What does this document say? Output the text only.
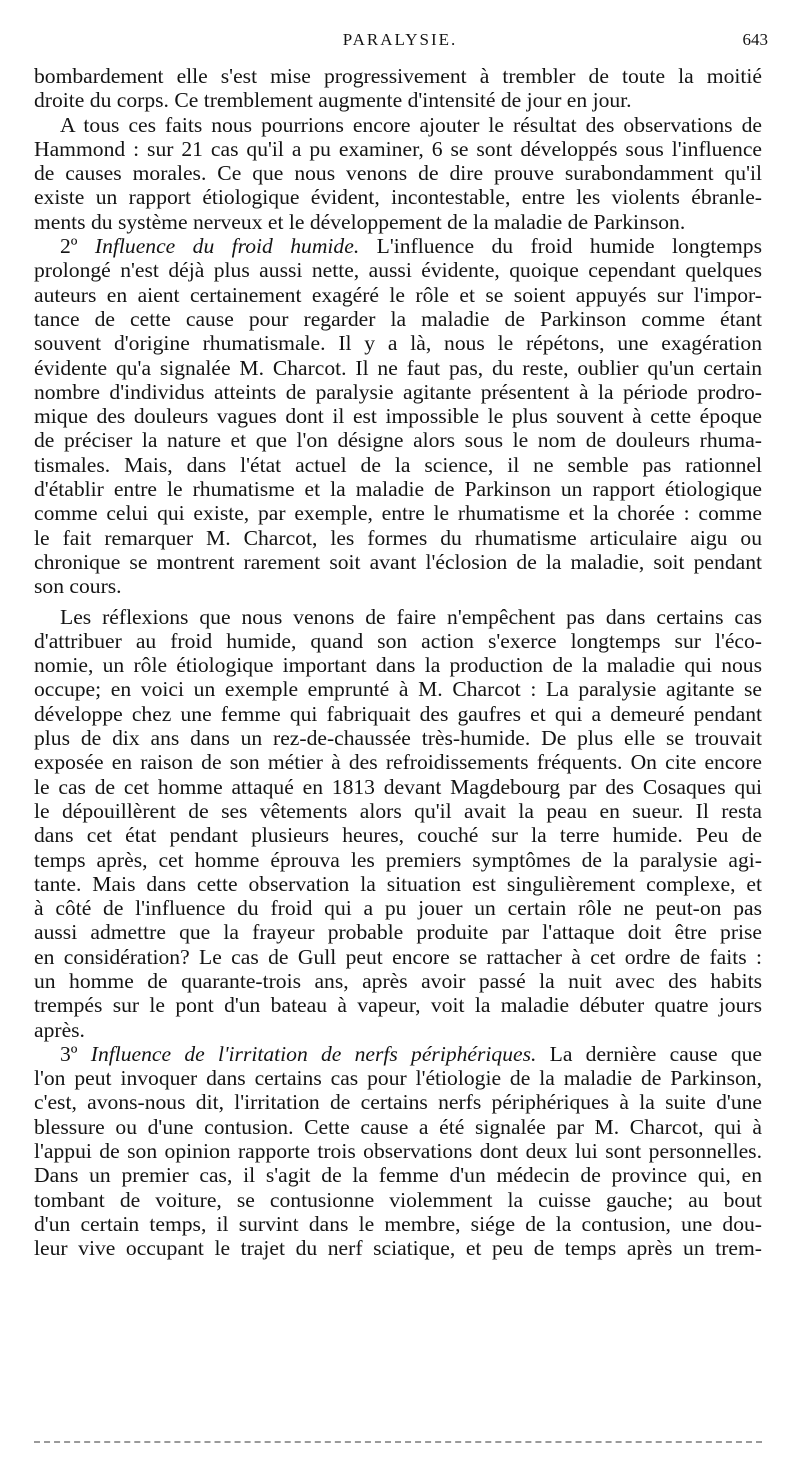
PARALYSIE.	643
bombardement elle s'est mise progressivement à trembler de toute la moitié
droite du corps. Ce tremblement augmente d'intensité de jour en jour.
A tous ces faits nous pourrions encore ajouter le résultat des observations de
Hammond : sur 21 cas qu'il a pu examiner, 6 se sont développés sous l'influence
de causes morales. Ce que nous venons de dire prouve surabondamment qu'il
existe un rapport étiologique évident, incontestable, entre les violents ébranle-
ments du système nerveux et le développement de la maladie de Parkinson.
2º Influence du froid humide. L'influence du froid humide longtemps
prolongé n'est déjà plus aussi nette, aussi évidente, quoique cependant quelques
auteurs en aient certainement exagéré le rôle et se soient appuyés sur l'impor-
tance de cette cause pour regarder la maladie de Parkinson comme étant
souvent d'origine rhumatismale. Il y a là, nous le répétons, une exagération
évidente qu'a signalée M. Charcot. Il ne faut pas, du reste, oublier qu'un certain
nombre d'individus atteints de paralysie agitante présentent à la période prodro-
mique des douleurs vagues dont il est impossible le plus souvent à cette époque
de préciser la nature et que l'on désigne alors sous le nom de douleurs rhuma-
tismales. Mais, dans l'état actuel de la science, il ne semble pas rationnel
d'établir entre le rhumatisme et la maladie de Parkinson un rapport étiologique
comme celui qui existe, par exemple, entre le rhumatisme et la chorée : comme
le fait remarquer M. Charcot, les formes du rhumatisme articulaire aigu ou
chronique se montrent rarement soit avant l'éclosion de la maladie, soit pendant
son cours.
Les réflexions que nous venons de faire n'empêchent pas dans certains cas
d'attribuer au froid humide, quand son action s'exerce longtemps sur l'éco-
nomie, un rôle étiologique important dans la production de la maladie qui nous
occupe; en voici un exemple emprunté à M. Charcot : La paralysie agitante se
développe chez une femme qui fabriquait des gaufres et qui a demeuré pendant
plus de dix ans dans un rez-de-chaussée très-humide. De plus elle se trouvait
exposée en raison de son métier à des refroidissements fréquents. On cite encore
le cas de cet homme attaqué en 1813 devant Magdebourg par des Cosaques qui
le dépouillèrent de ses vêtements alors qu'il avait la peau en sueur. Il resta
dans cet état pendant plusieurs heures, couché sur la terre humide. Peu de
temps après, cet homme éprouva les premiers symptômes de la paralysie agi-
tante. Mais dans cette observation la situation est singulièrement complexe, et
à côté de l'influence du froid qui a pu jouer un certain rôle ne peut-on pas
aussi admettre que la frayeur probable produite par l'attaque doit être prise
en considération? Le cas de Gull peut encore se rattacher à cet ordre de faits :
un homme de quarante-trois ans, après avoir passé la nuit avec des habits
trempés sur le pont d'un bateau à vapeur, voit la maladie débuter quatre jours
après.
3º Influence de l'irritation de nerfs périphériques. La dernière cause que
l'on peut invoquer dans certains cas pour l'étiologie de la maladie de Parkinson,
c'est, avons-nous dit, l'irritation de certains nerfs périphériques à la suite d'une
blessure ou d'une contusion. Cette cause a été signalée par M. Charcot, qui à
l'appui de son opinion rapporte trois observations dont deux lui sont personnelles.
Dans un premier cas, il s'agit de la femme d'un médecin de province qui, en
tombant de voiture, se contusionne violemment la cuisse gauche; au bout
d'un certain temps, il survint dans le membre, siége de la contusion, une dou-
leur vive occupant le trajet du nerf sciatique, et peu de temps après un trem-
